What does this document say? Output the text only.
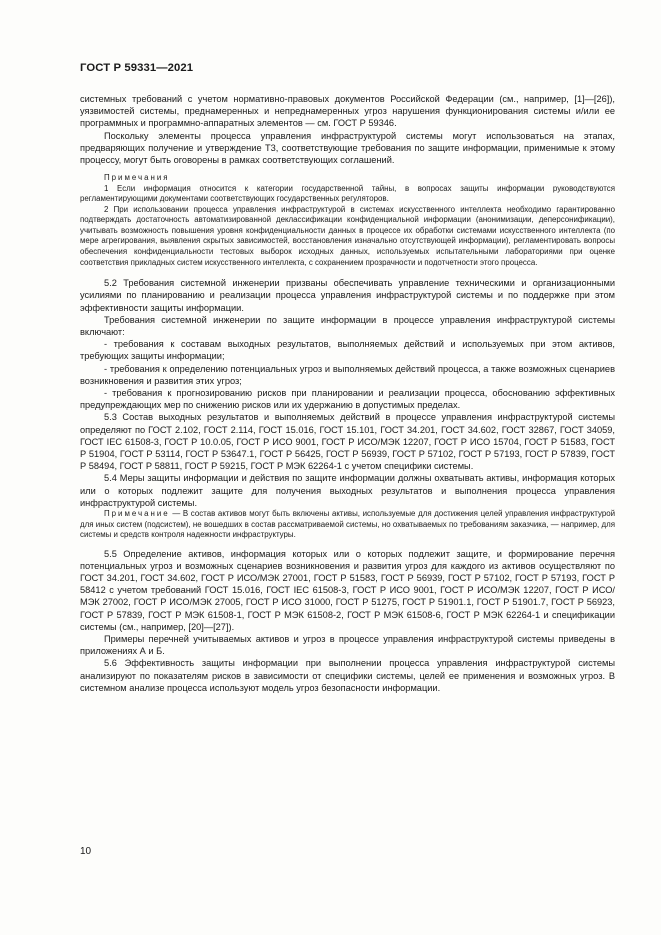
ГОСТ Р 59331—2021

системных требований с учетом нормативно-правовых документов Российской Федерации (см., например, [1]—[26]), уязвимостей системы, преднамеренных и непреднамеренных угроз нарушения функционирования системы и/или ее программных и программно-аппаратных элементов — см. ГОСТ Р 59346.

Поскольку элементы процесса управления инфраструктурой системы могут использоваться на этапах, предваряющих получение и утверждение Т3, соответствующие требования по защите информации, применимые к этому процессу, могут быть оговорены в рамках соответствующих соглашений.

Примечания

1 Если информация относится к категории государственной тайны, в вопросах защиты информации руководствуются регламентирующими документами соответствующих государственных регуляторов.

2 При использовании процесса управления инфраструктурой в системах искусственного интеллекта необходимо гарантированно подтверждать достаточность автоматизированной деклассификации конфиденциальной информации (анонимизации, деперсонификации), учитывать возможность повышения уровня конфиденциальности данных в процессе их обработки системами искусственного интеллекта (по мере агрегирования, выявления скрытых зависимостей, восстановления изначально отсутствующей информации), регламентировать вопросы обеспечения конфиденциальности тестовых выборок исходных данных, используемых испытательными лабораториями при оценке соответствия прикладных систем искусственного интеллекта, с сохранением прозрачности и подотчетности этого процесса.

5.2 Требования системной инженерии призваны обеспечивать управление техническими и организационными усилиями по планированию и реализации процесса управления инфраструктурой системы и по поддержке при этом эффективности защиты информации.

Требования системной инженерии по защите информации в процессе управления инфраструктурой системы включают:

- требования к составам выходных результатов, выполняемых действий и используемых при этом активов, требующих защиты информации;

- требования к определению потенциальных угроз и выполняемых действий процесса, а также возможных сценариев возникновения и развития этих угроз;

- требования к прогнозированию рисков при планировании и реализации процесса, обоснованию эффективных предупреждающих мер по снижению рисков или их удержанию в допустимых пределах.

5.3 Состав выходных результатов и выполняемых действий в процессе управления инфраструктурой системы определяют по ГОСТ 2.102, ГОСТ 2.114, ГОСТ 15.016, ГОСТ 15.101, ГОСТ 34.201, ГОСТ 34.602, ГОСТ 32867, ГОСТ 34059, ГОСТ IEC 61508-3, ГОСТ Р 10.0.05, ГОСТ Р ИСО 9001, ГОСТ Р ИСО/МЭК 12207, ГОСТ Р ИСО 15704, ГОСТ Р 51583, ГОСТ Р 51904, ГОСТ Р 53114, ГОСТ Р 53647.1, ГОСТ Р 56425, ГОСТ Р 56939, ГОСТ Р 57102, ГОСТ Р 57193, ГОСТ Р 57839, ГОСТ Р 58494, ГОСТ Р 58811, ГОСТ Р 59215, ГОСТ Р МЭК 62264-1 с учетом специфики системы.

5.4 Меры защиты информации и действия по защите информации должны охватывать активы, информация которых или о которых подлежит защите для получения выходных результатов и выполнения процесса управления инфраструктурой системы.

Примечание — В состав активов могут быть включены активы, используемые для достижения целей управления инфраструктурой для иных систем (подсистем), не вошедших в состав рассматриваемой системы, но охватываемых по требованиям заказчика, — например, для системы и средств контроля надежности инфраструктуры.

5.5 Определение активов, информация которых или о которых подлежит защите, и формирование перечня потенциальных угроз и возможных сценариев возникновения и развития угроз для каждого из активов осуществляют по ГОСТ 34.201, ГОСТ 34.602, ГОСТ Р ИСО/МЭК 27001, ГОСТ Р 51583, ГОСТ Р 56939, ГОСТ Р 57102, ГОСТ Р 57193, ГОСТ Р 58412 с учетом требований ГОСТ 15.016, ГОСТ IEC 61508-3, ГОСТ Р ИСО 9001, ГОСТ Р ИСО/МЭК 12207, ГОСТ Р ИСО/МЭК 27002, ГОСТ Р ИСО/МЭК 27005, ГОСТ Р ИСО 31000, ГОСТ Р 51275, ГОСТ Р 51901.1, ГОСТ Р 51901.7, ГОСТ Р 56923, ГОСТ Р 57839, ГОСТ Р МЭК 61508-1, ГОСТ Р МЭК 61508-2, ГОСТ Р МЭК 61508-6, ГОСТ Р МЭК 62264-1 и спецификации системы (см., например, [20]—[27]).

Примеры перечней учитываемых активов и угроз в процессе управления инфраструктурой системы приведены в приложениях А и Б.

5.6 Эффективность защиты информации при выполнении процесса управления инфраструктурой системы анализируют по показателям рисков в зависимости от специфики системы, целей ее применения и возможных угроз. В системном анализе процесса используют модель угроз безопасности информации.

10
